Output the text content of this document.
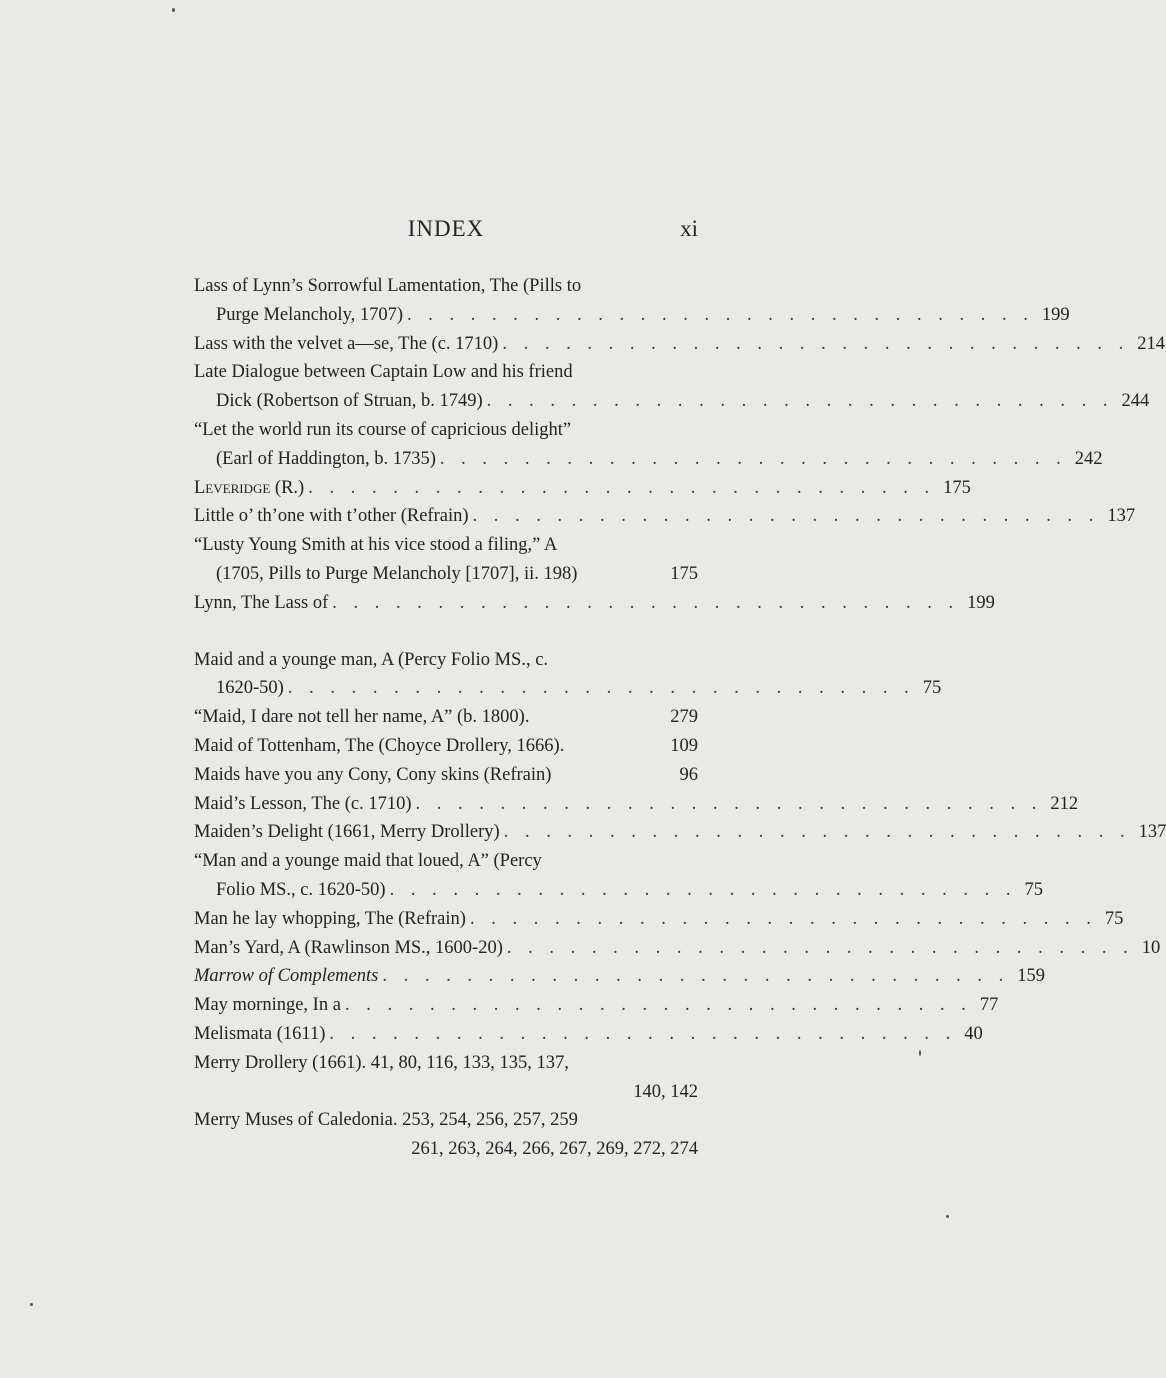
INDEX	xi
Lass of Lynn’s Sorrowful Lamentation, The (Pills to
Purge Melancholy, 1707) . . . . . . . . . . . . . . . . . . . . . . . . . . . . . . 199
Lass with the velvet a—se, The (c. 1710) . . . . . . . . . . . . . . . . . . . . . . . . . . . . . . 214
Late Dialogue between Captain Low and his friend
Dick (Robertson of Struan, b. 1749) . . . . . . . . . . . . . . . . . . . . . . . . . . . . . . 244
“Let the world run its course of capricious delight”
(Earl of Haddington, b. 1735) . . . . . . . . . . . . . . . . . . . . . . . . . . . . . . 242
Leveridge (R.) . . . . . . . . . . . . . . . . . . . . . . . . . . . . . . 175
Little o’ th’one with t’other (Refrain) . . . . . . . . . . . . . . . . . . . . . . . . . . . . . . 137
“Lusty Young Smith at his vice stood a filing,” A
(1705, Pills to Purge Melancholy [1707], ii. 198)	175
Lynn, The Lass of . . . . . . . . . . . . . . . . . . . . . . . . . . . . . . 199
Maid and a younge man, A (Percy Folio MS., c.
1620-50) . . . . . . . . . . . . . . . . . . . . . . . . . . . . . . 75
“Maid, I dare not tell her name, A” (b. 1800).	279
Maid of Tottenham, The (Choyce Drollery, 1666).	109
Maids have you any Cony, Cony skins (Refrain)	96
Maid’s Lesson, The (c. 1710) . . . . . . . . . . . . . . . . . . . . . . . . . . . . . . 212
Maiden’s Delight (1661, Merry Drollery) . . . . . . . . . . . . . . . . . . . . . . . . . . . . . . 137
“Man and a younge maid that loued, A” (Percy
Folio MS., c. 1620-50) . . . . . . . . . . . . . . . . . . . . . . . . . . . . . . 75
Man he lay whopping, The (Refrain) . . . . . . . . . . . . . . . . . . . . . . . . . . . . . . 75
Man’s Yard, A (Rawlinson MS., 1600-20) . . . . . . . . . . . . . . . . . . . . . . . . . . . . . . 10
Marrow of Complements . . . . . . . . . . . . . . . . . . . . . . . . . . . . . . 159
May morninge, In a . . . . . . . . . . . . . . . . . . . . . . . . . . . . . . 77
Melismata (1611) . . . . . . . . . . . . . . . . . . . . . . . . . . . . . . 40
Merry Drollery (1661). 41, 80, 116, 133, 135, 137,
140, 142
Merry Muses of Caledonia. 253, 254, 256, 257, 259
261, 263, 264, 266, 267, 269, 272, 274
